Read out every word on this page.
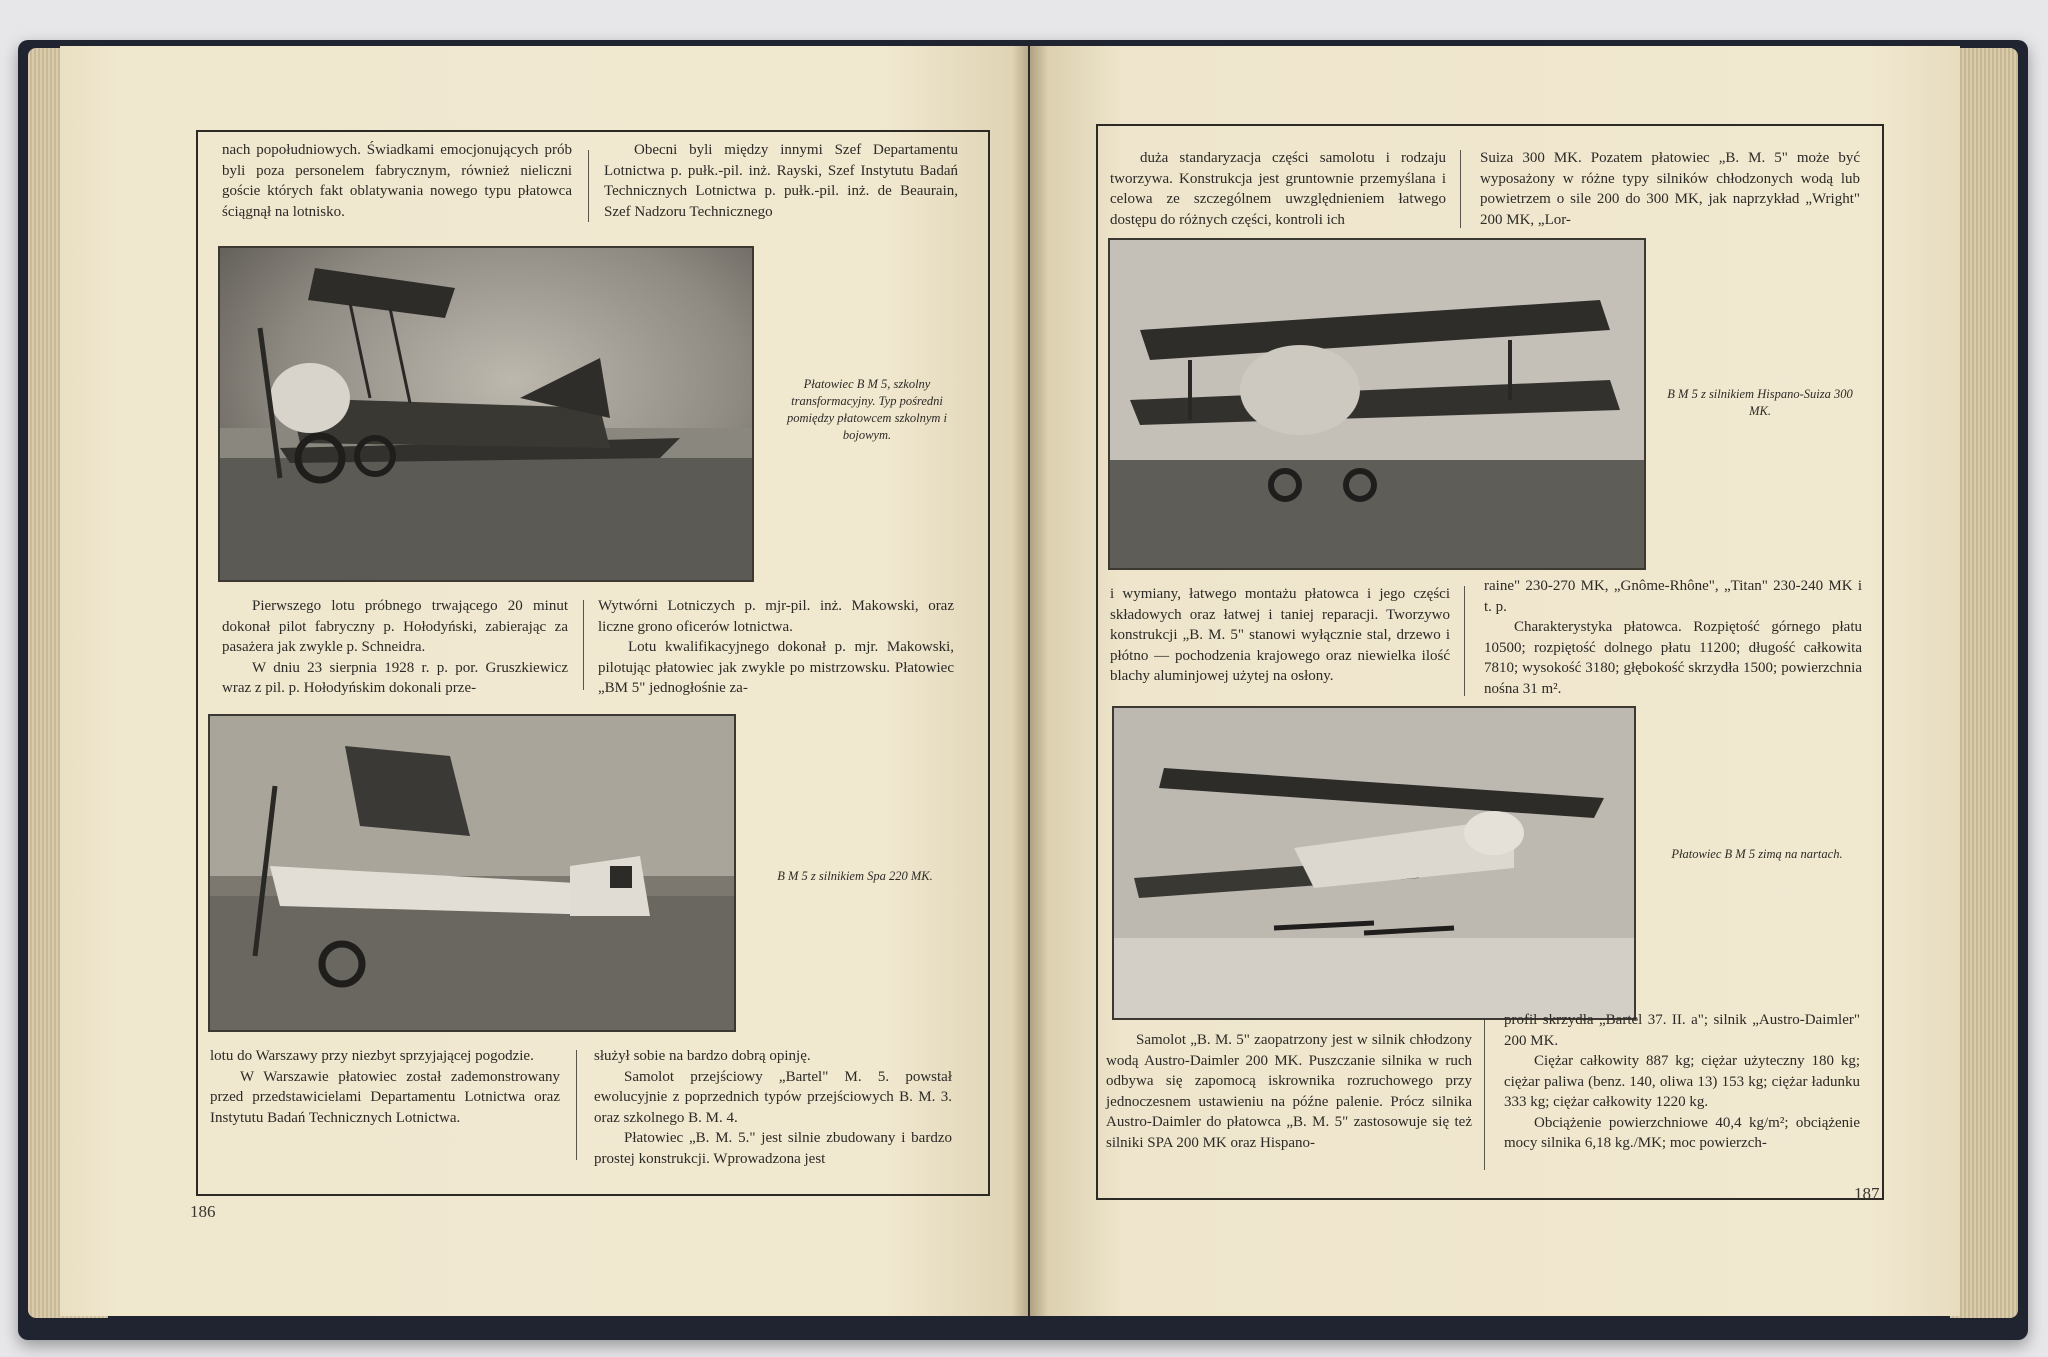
nach popołudniowych. Świadkami emocjonujących prób byli poza personelem fabrycznym, również nieliczni goście których fakt oblatywania nowego typu płatowca ściągnął na lotnisko.

Obecni byli między innymi Szef Departamentu Lotnictwa p. pułk.-pil. inż. Rayski, Szef Instytutu Badań Technicznych Lotnictwa p. pułk.-pil. inż. de Beaurain, Szef Nadzoru Technicznego

Płatowiec B M 5, szkolny transformacyjny. Typ pośredni pomiędzy płatowcem szkolnym i bojowym.

Pierwszego lotu próbnego trwającego 20 minut dokonał pilot fabryczny p. Hołodyński, zabierając za pasażera jak zwykle p. Schneidra.

W dniu 23 sierpnia 1928 r. p. por. Gruszkiewicz wraz z pil. p. Hołodyńskim dokonali prze-

Wytwórni Lotniczych p. mjr-pil. inż. Makowski, oraz liczne grono oficerów lotnictwa.

Lotu kwalifikacyjnego dokonał p. mjr. Makowski, pilotując płatowiec jak zwykle po mistrzowsku. Płatowiec „BM 5" jednogłośnie za-

B M 5 z silnikiem Spa 220 MK.

lotu do Warszawy przy niezbyt sprzyjającej pogodzie.

W Warszawie płatowiec został zademonstrowany przed przedstawicielami Departamentu Lotnictwa oraz Instytutu Badań Technicznych Lotnictwa.

służył sobie na bardzo dobrą opinję.

Samolot przejściowy „Bartel" M. 5. powstał ewolucyjnie z poprzednich typów przejściowych B. M. 3. oraz szkolnego B. M. 4.

Płatowiec „B. M. 5." jest silnie zbudowany i bardzo prostej konstrukcji. Wprowadzona jest

186

duża standaryzacja części samolotu i rodzaju tworzywa. Konstrukcja jest gruntownie przemyślana i celowa ze szczególnem uwzględnieniem łatwego dostępu do różnych części, kontroli ich

Suiza 300 MK. Pozatem płatowiec „B. M. 5" może być wyposażony w różne typy silników chłodzonych wodą lub powietrzem o sile 200 do 300 MK, jak naprzykład „Wright" 200 MK, „Lor-

B M 5 z silnikiem Hispano-Suiza 300 MK.

i wymiany, łatwego montażu płatowca i jego części składowych oraz łatwej i taniej reparacji. Tworzywo konstrukcji „B. M. 5" stanowi wyłącznie stal, drzewo i płótno — pochodzenia krajowego oraz niewielka ilość blachy aluminjowej użytej na osłony.

raine" 230-270 MK, „Gnôme-Rhône", „Titan" 230-240 MK i t. p.

Charakterystyka płatowca. Rozpiętość górnego płatu 10500; rozpiętość dolnego płatu 11200; długość całkowita 7810; wysokość 3180; głębokość skrzydła 1500; powierzchnia nośna 31 m².

Płatowiec B M 5 zimą na nartach.

Samolot „B. M. 5" zaopatrzony jest w silnik chłodzony wodą Austro-Daimler 200 MK. Puszczanie silnika w ruch odbywa się zapomocą iskrownika rozruchowego przy jednoczesnem ustawieniu na późne palenie. Prócz silnika Austro-Daimler do płatowca „B. M. 5" zastosowuje się też silniki SPA 200 MK oraz Hispano-

profil skrzydła „Bartel 37. II. a"; silnik „Austro-Daimler" 200 MK.

Ciężar całkowity 887 kg; ciężar użyteczny 180 kg; ciężar paliwa (benz. 140, oliwa 13) 153 kg; ciężar ładunku 333 kg; ciężar całkowity 1220 kg.

Obciążenie powierzchniowe 40,4 kg/m²; obciążenie mocy silnika 6,18 kg./MK; moc powierzch-

187
